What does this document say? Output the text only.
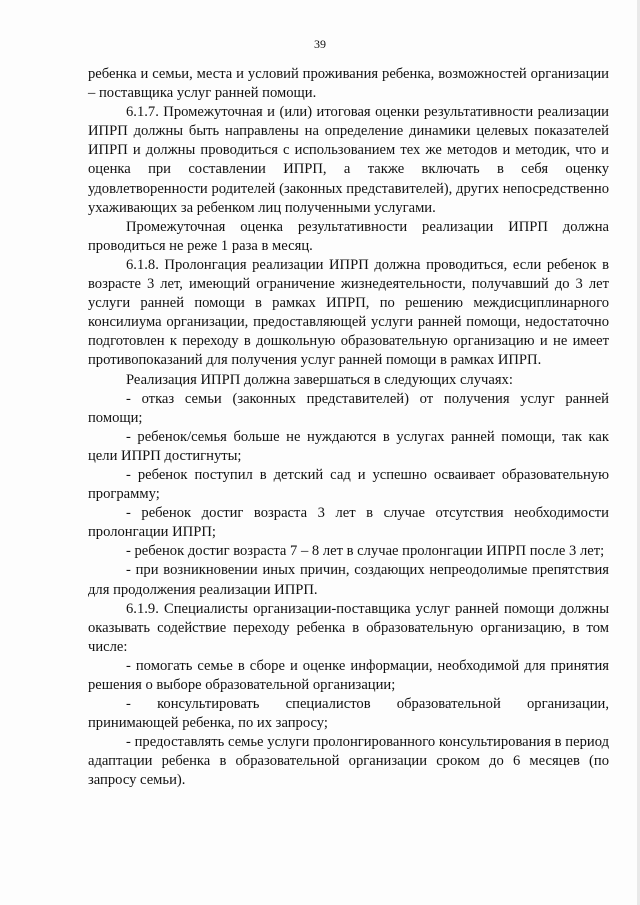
39

ребенка и семьи, места и условий проживания ребенка, возможностей организации – поставщика услуг ранней помощи.

6.1.7. Промежуточная и (или) итоговая оценки результативности реализации ИПРП должны быть направлены на определение динамики целевых показателей ИПРП и должны проводиться с использованием тех же методов и методик, что и оценка при составлении ИПРП, а также включать в себя оценку удовлетворенности родителей (законных представителей), других непосредственно ухаживающих за ребенком лиц полученными услугами.

Промежуточная оценка результативности реализации ИПРП должна проводиться не реже 1 раза в месяц.

6.1.8. Пролонгация реализации ИПРП должна проводиться, если ребенок в возрасте 3 лет, имеющий ограничение жизнедеятельности, получавший до 3 лет услуги ранней помощи в рамках ИПРП, по решению междисциплинарного консилиума организации, предоставляющей услуги ранней помощи, недостаточно подготовлен к переходу в дошкольную образовательную организацию и не имеет противопоказаний для получения услуг ранней помощи в рамках ИПРП.

Реализация ИПРП должна завершаться в следующих случаях:

- отказ семьи (законных представителей) от получения услуг ранней помощи;

- ребенок/семья больше не нуждаются в услугах ранней помощи, так как цели ИПРП достигнуты;

- ребенок поступил в детский сад и успешно осваивает образовательную программу;

- ребенок достиг возраста 3 лет в случае отсутствия необходимости пролонгации ИПРП;

- ребенок достиг возраста 7 – 8 лет в случае пролонгации ИПРП после 3 лет;

- при возникновении иных причин, создающих непреодолимые препятствия для продолжения реализации ИПРП.

6.1.9. Специалисты организации-поставщика услуг ранней помощи должны оказывать содействие переходу ребенка в образовательную организацию, в том числе:

- помогать семье в сборе и оценке информации, необходимой для принятия решения о выборе образовательной организации;

- консультировать специалистов образовательной организации, принимающей ребенка, по их запросу;

- предоставлять семье услуги пролонгированного консультирования в период адаптации ребенка в образовательной организации сроком до 6 месяцев (по запросу семьи).
